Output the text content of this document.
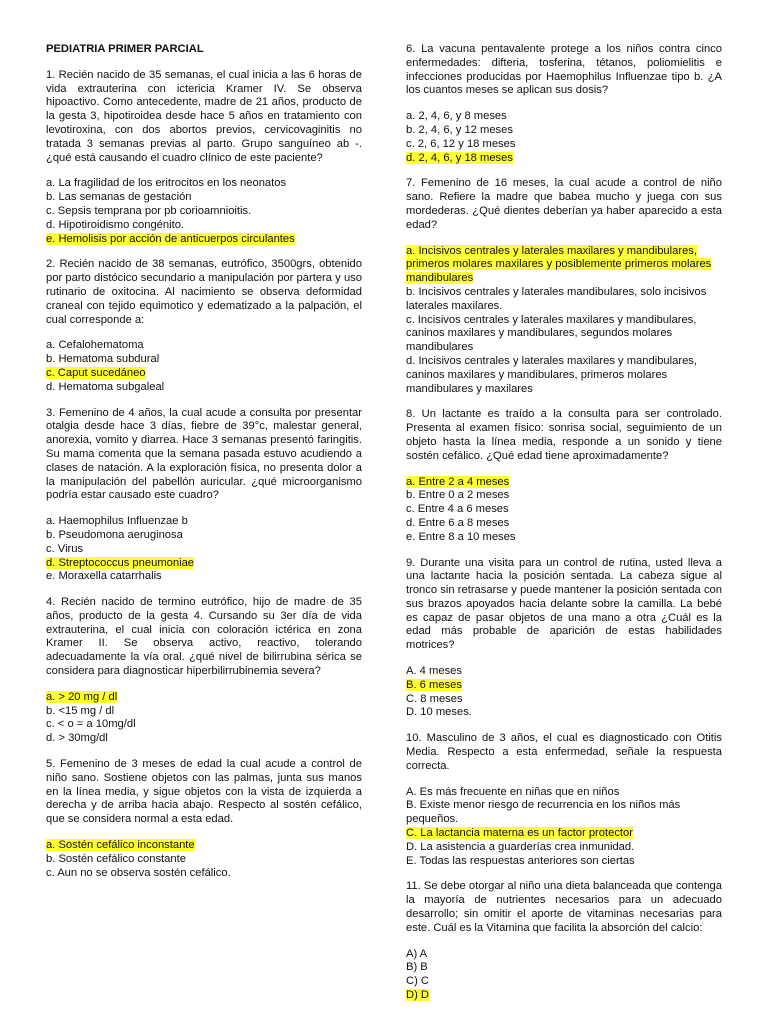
PEDIATRIA PRIMER PARCIAL
1. Recién nacido de 35 semanas, el cual inicia a las 6 horas de vida extrauterina con ictericia Kramer IV. Se observa hipoactivo. Como antecedente, madre de 21 años, producto de la gesta 3, hipotiroidea desde hace 5 años en tratamiento con levotiroxina, con dos abortos previos, cervicovaginitis no tratada 3 semanas previas al parto. Grupo sanguíneo ab -. ¿qué está causando el cuadro clínico de este paciente?
a. La fragilidad de los eritrocitos en los neonatos
b. Las semanas de gestación
c. Sepsis temprana por pb corioamnioitis.
d. Hipotiroidismo congénito.
e. Hemolisis por acción de anticuerpos circulantes
2. Recién nacido de 38 semanas, eutrófico, 3500grs, obtenido por parto distócico secundario a manipulación por partera y uso rutinario de oxitocina. Al nacimiento se observa deformidad craneal con tejido equimotico y edematizado a la palpación, el cual corresponde a:
a. Cefalohematoma
b. Hematoma subdural
c. Caput sucedáneo
d. Hematoma subgaleal
3. Femenino de 4 años, la cual acude a consulta por presentar otalgia desde hace 3 días, fiebre de 39°c, malestar general, anorexia, vomito y diarrea. Hace 3 semanas presentó faringitis. Su mama comenta que la semana pasada estuvo acudiendo a clases de natación. A la exploración física, no presenta dolor a la manipulación del pabellón auricular. ¿qué microorganismo podría estar causado este cuadro?
a. Haemophilus Influenzae b
b. Pseudomona aeruginosa
c. Virus
d. Streptococcus pneumoniae
e. Moraxella catarrhalis
4. Recién nacido de termino eutrófico, hijo de madre de 35 años, producto de la gesta 4. Cursando su 3er día de vida extrauterina, el cual inicia con coloración ictérica en zona Kramer II. Se observa activo, reactivo, tolerando adecuadamente la vía oral. ¿qué nivel de bilirrubina sérica se considera para diagnosticar hiperbilirrubinemia severa?
a. > 20 mg / dl
b. <15 mg / dl
c. < o = a 10mg/dl
d. > 30mg/dl
5. Femenino de 3 meses de edad la cual acude a control de niño sano. Sostiene objetos con las palmas, junta sus manos en la línea media, y sigue objetos con la vista de izquierda a derecha y de arriba hacia abajo. Respecto al sostén cefálico, que se considera normal a esta edad.
a. Sostén cefálico inconstante
b. Sostén cefálico constante
c. Aun no se observa sostén cefálico.
6. La vacuna pentavalente protege a los niños contra cinco enfermedades: difteria, tosferina, tétanos, poliomielitis e infecciones producidas por Haemophilus Influenzae tipo b. ¿A los cuantos meses se aplican sus dosis?
a. 2, 4, 6, y 8 meses
b. 2, 4, 6, y 12 meses
c. 2, 6, 12 y 18 meses
d. 2, 4, 6, y 18 meses
7. Femenino de 16 meses, la cual acude a control de niño sano. Refiere la madre que babea mucho y juega con sus mordederas. ¿Qué dientes deberían ya haber aparecido a esta edad?
a. Incisivos centrales y laterales maxilares y mandibulares, primeros molares maxilares y posiblemente primeros molares mandibulares
b. Incisivos centrales y laterales mandibulares, solo incisivos laterales maxilares.
c. Incisivos centrales y laterales maxilares y mandibulares, caninos maxilares y mandibulares, segundos molares mandibulares
d. Incisivos centrales y laterales maxilares y mandibulares, caninos maxilares y mandibulares, primeros molares mandibulares y maxilares
8. Un lactante es traído a la consulta para ser controlado. Presenta al examen físico: sonrisa social, seguimiento de un objeto hasta la línea media, responde a un sonido y tiene sostén cefálico. ¿Qué edad tiene aproximadamente?
a. Entre 2 a 4 meses
b. Entre 0 a 2 meses
c. Entre 4 a 6 meses
d. Entre 6 a 8 meses
e. Entre 8 a 10 meses
9. Durante una visita para un control de rutina, usted lleva a una lactante hacia la posición sentada. La cabeza sigue al tronco sin retrasarse y puede mantener la posición sentada con sus brazos apoyados hacia delante sobre la camilla. La bebé es capaz de pasar objetos de una mano a otra ¿Cuál es la edad más probable de aparición de estas habilidades motrices?
A. 4 meses
B. 6 meses
C. 8 meses
D. 10 meses.
10. Masculino de 3 años, el cual es diagnosticado con Otitis Media. Respecto a esta enfermedad, señale la respuesta correcta.
A. Es más frecuente en niñas que en niños
B. Existe menor riesgo de recurrencia en los niños más pequeños.
C. La lactancia materna es un factor protector
D. La asistencia a guarderías crea inmunidad.
E. Todas las respuestas anteriores son ciertas
11. Se debe otorgar al niño una dieta balanceada que contenga la mayoría de nutrientes necesarios para un adecuado desarrollo; sin omitir el aporte de vitaminas necesarias para este. Cuál es la Vitamina que facilita la absorción del calcio:
A) A
B) B
C) C
D) D
